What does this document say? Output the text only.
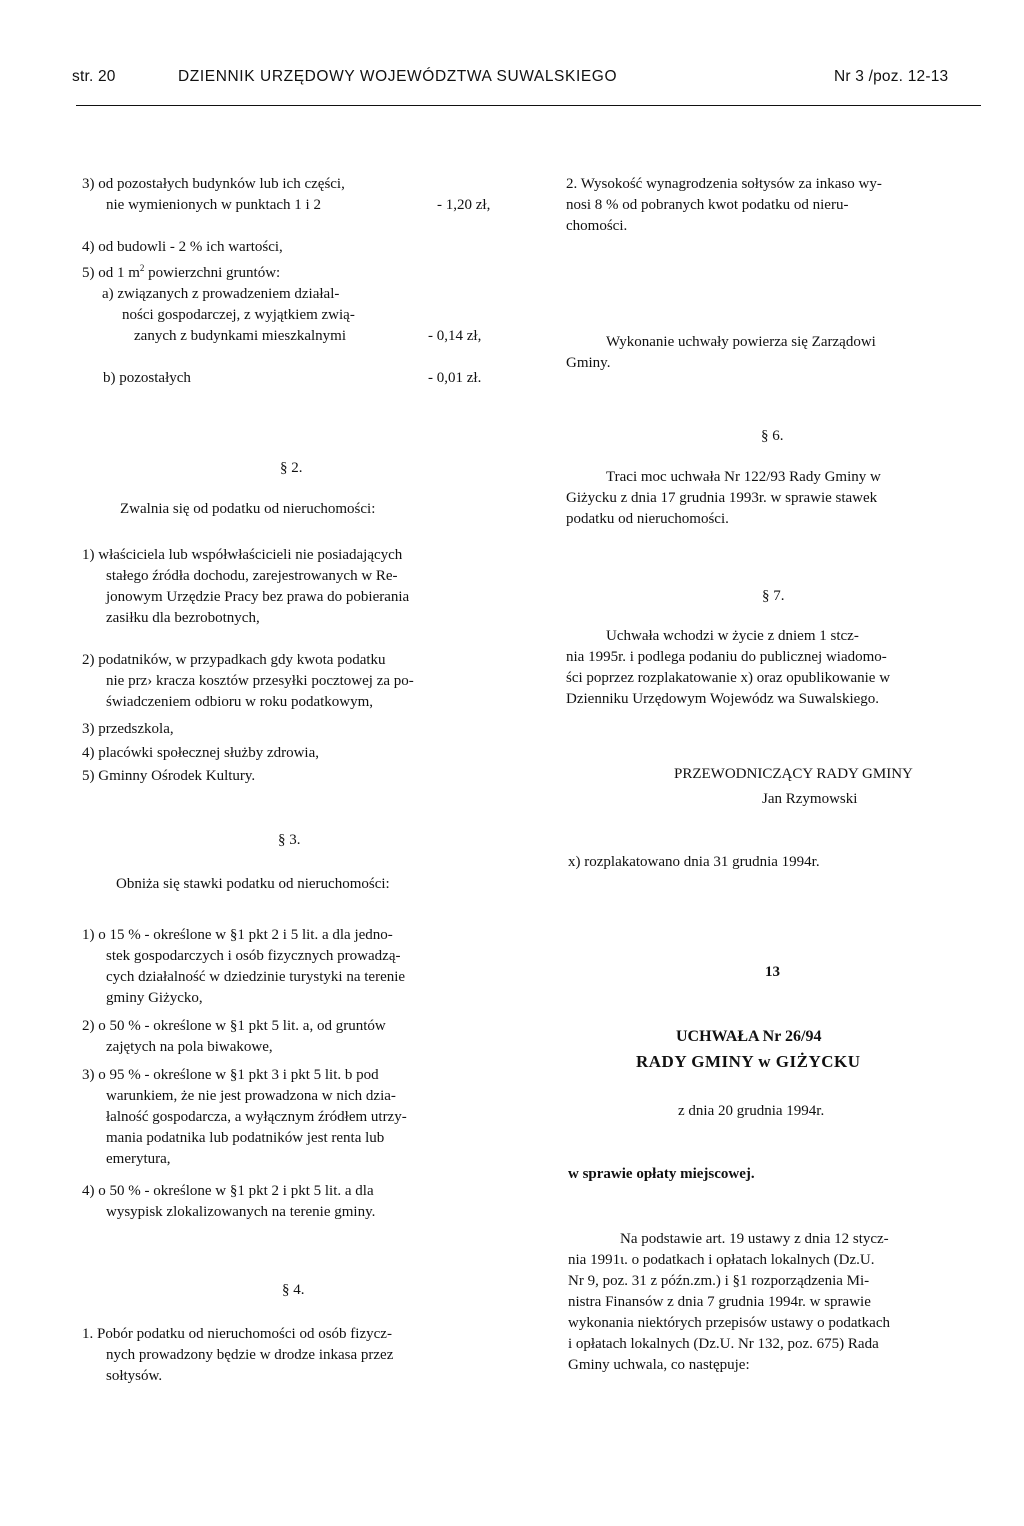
str. 20	DZIENNIK URZĘDOWY WOJEWÓDZTWA SUWALSKIEGO	Nr 3 /poz. 12-13
3) od pozostałych budynków lub ich części,
nie wymienionych w punktach 1 i 2	- 1,20 zł,
4) od budowli - 2 % ich wartości,
5) od 1 $m^2$ powierzchni gruntów:
a) związanych z prowadzeniem działal-
ności gospodarczej, z wyjątkiem zwią-
zanych z budynkami mieszkalnymi	- 0,14 zł,
b) pozostałych	- 0,01 zł.
§ 2.
Zwalnia się od podatku od nieruchomości:
1) właściciela lub współwłaścicieli nie posiadających
stałego źródła dochodu, zarejestrowanych w Re-
jonowym Urzędzie Pracy bez prawa do pobierania
zasiłku dla bezrobotnych,
2) podatników, w przypadkach gdy kwota podatku
nie prz› kracza kosztów przesyłki pocztowej za po-
świadczeniem odbioru w roku podatkowym,
3) przedszkola,
4) placówki społecznej służby zdrowia,
5) Gminny Ośrodek Kultury.
§ 3.
Obniża się stawki podatku od nieruchomości:
1) o 15 % - określone w §1 pkt 2 i 5 lit. a dla jedno-
stek gospodarczych i osób fizycznych prowadzą-
cych działalność w dziedzinie turystyki na terenie
gminy Giżycko,
2) o 50 % - określone w §1 pkt 5 lit. a, od gruntów
zajętych na pola biwakowe,
3) o 95 % - określone w §1 pkt 3 i pkt 5 lit. b pod
warunkiem, że nie jest prowadzona w nich dzia-
łalność gospodarcza, a wyłącznym źródłem utrzy-
mania podatnika lub podatników jest renta lub
emerytura,
4) o 50 % - określone w §1 pkt 2 i pkt 5 lit. a dla
wysypisk zlokalizowanych na terenie gminy.
§ 4.
1. Pobór podatku od nieruchomości od osób fizycz-
nych prowadzony będzie w drodze inkasa przez
sołtysów.
2. Wysokość wynagrodzenia sołtysów za inkaso wy-
nosi 8 % od pobranych kwot podatku od nieru-
chomości.
Wykonanie uchwały powierza się Zarządowi
Gminy.
§ 6.
Traci moc uchwała Nr 122/93 Rady Gminy w
Giżycku z dnia 17 grudnia 1993r. w sprawie stawek
podatku od nieruchomości.
§ 7.
Uchwała wchodzi w życie z dniem 1 stcz-
nia 1995r. i podlega podaniu do publicznej wiadomo-
ści poprzez rozplakatowanie x) oraz opublikowanie w
Dzienniku Urzędowym Wojewódz wa Suwalskiego.
PRZEWODNICZĄCY RADY GMINY
Jan Rzymowski
x) rozplakatowano dnia 31 grudnia 1994r.
13
UCHWAŁA Nr 26/94
RADY GMINY w GIŻYCKU
z dnia 20 grudnia 1994r.
w sprawie opłaty miejscowej.
Na podstawie art. 19 ustawy z dnia 12 stycz-
nia 1991ι. o podatkach i opłatach lokalnych (Dz.U.
Nr 9, poz. 31 z późn.zm.) i §1 rozporządzenia Mi-
nistra Finansów z dnia 7 grudnia 1994r. w sprawie
wykonania niektórych przepisów ustawy o podatkach
i opłatach lokalnych (Dz.U. Nr 132, poz. 675) Rada
Gminy uchwala, co następuje:
